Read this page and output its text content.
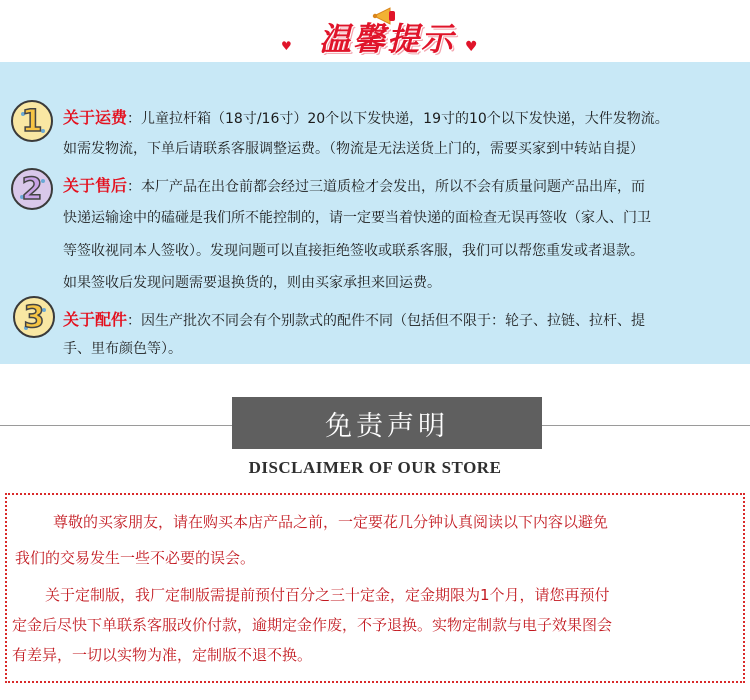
♥ 温馨提示 ♥
1
2
3
关于运费：儿童拉杆箱（18寸/16寸）20个以下发快递，19寸的10个以下发快递，大件发物流。
如需发物流，下单后请联系客服调整运费。（物流是无法送货上门的，需要买家到中转站自提）
关于售后：本厂产品在出仓前都会经过三道质检才会发出，所以不会有质量问题产品出库，而
快递运输途中的磕碰是我们所不能控制的，请一定要当着快递的面检查无误再签收（家人、门卫
等签收视同本人签收）。发现问题可以直接拒绝签收或联系客服，我们可以帮您重发或者退款。
如果签收后发现问题需要退换货的，则由买家承担来回运费。
关于配件：因生产批次不同会有个别款式的配件不同（包括但不限于：轮子、拉链、拉杆、提
手、里布颜色等）。
免责声明
DISCLAIMER OF OUR STORE
尊敬的买家朋友，请在购买本店产品之前，一定要花几分钟认真阅读以下内容以避免
我们的交易发生一些不必要的误会。
关于定制版，我厂定制版需提前预付百分之三十定金，定金期限为1个月，请您再预付
定金后尽快下单联系客服改价付款，逾期定金作废，不予退换。实物定制款与电子效果图会
有差异，一切以实物为准，定制版不退不换。
